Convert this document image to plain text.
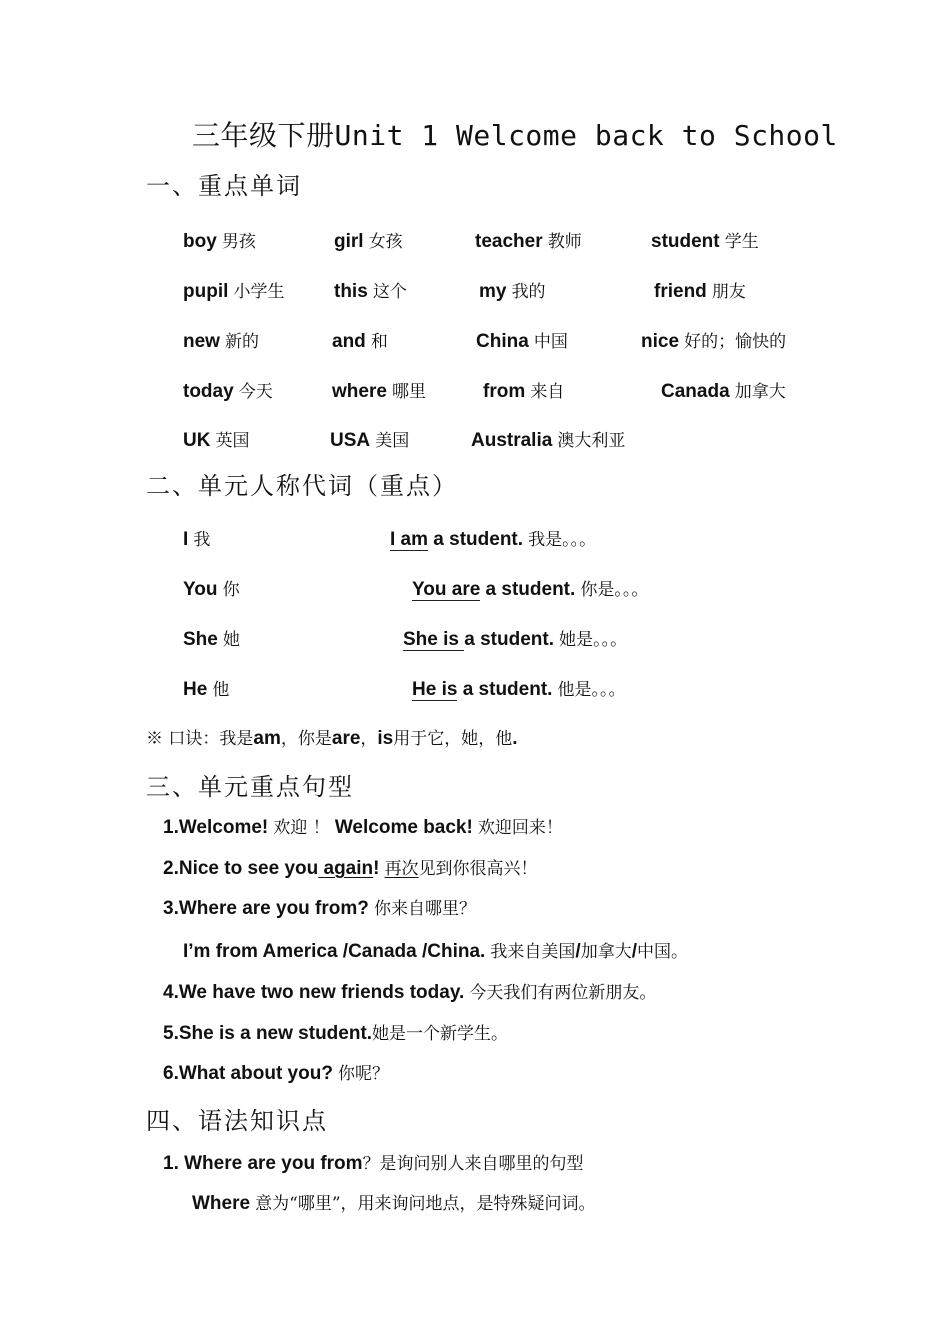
三年级下册Unit 1 Welcome back to School
一、重点单词
boy 男孩	girl 女孩	teacher 教师	student 学生
pupil 小学生	this 这个	my 我的	friend 朋友
new 新的	and 和	China 中国	nice 好的；愉快的
today 今天	where 哪里	from 来自	Canada 加拿大
UK 英国	USA 美国	Australia 澳大利亚
二、单元人称代词（重点）
I 我	I am a student. 我是。。。
You 你	You are a student. 你是。。。
She 她	She is a student. 她是。。。
He 他	He is a student. 他是。。。
※ 口诀：我是am，你是are，is用于它，她，他.
三、单元重点句型
1.Welcome! 欢迎 ！ Welcome back! 欢迎回来！
2.Nice to see you again! 再次见到你很高兴！
3.Where are you from? 你来自哪里？
I’m from America /Canada /China. 我来自美国/加拿大/中国。
4.We have two new friends today. 今天我们有两位新朋友。
5.She is a new student.她是一个新学生。
6.What about you? 你呢？
四、语法知识点
1. Where are you from？是询问别人来自哪里的句型
Where 意为“哪里”，用来询问地点，是特殊疑问词。
